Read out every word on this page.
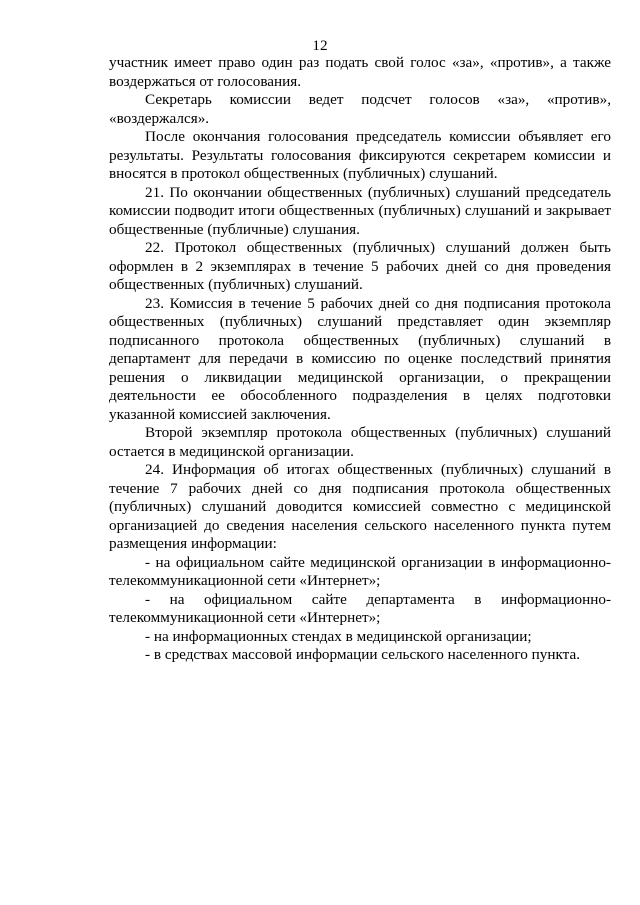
12

участник имеет право один раз подать свой голос «за», «против», а также воздержаться от голосования.

Секретарь комиссии ведет подсчет голосов «за», «против», «воздержался».

После окончания голосования председатель комиссии объявляет его результаты. Результаты голосования фиксируются секретарем комиссии и вносятся в протокол общественных (публичных) слушаний.

21. По окончании общественных (публичных) слушаний председатель комиссии подводит итоги общественных (публичных) слушаний и закрывает общественные (публичные) слушания.

22. Протокол общественных (публичных) слушаний должен быть оформлен в 2 экземплярах в течение 5 рабочих дней со дня проведения общественных (публичных) слушаний.

23. Комиссия в течение 5 рабочих дней со дня подписания протокола общественных (публичных) слушаний представляет один экземпляр подписанного протокола общественных (публичных) слушаний в департамент для передачи в комиссию по оценке последствий принятия решения о ликвидации медицинской организации, о прекращении деятельности ее обособленного подразделения в целях подготовки указанной комиссией заключения.

Второй экземпляр протокола общественных (публичных) слушаний остается в медицинской организации.

24. Информация об итогах общественных (публичных) слушаний в течение 7 рабочих дней со дня подписания протокола общественных (публичных) слушаний доводится комиссией совместно с медицинской организацией до сведения населения сельского населенного пункта путем размещения информации:

- на официальном сайте медицинской организации в информационно-телекоммуникационной сети «Интернет»;

- на официальном сайте департамента в информационно-телекоммуникационной сети «Интернет»;

- на информационных стендах в медицинской организации;

- в средствах массовой информации сельского населенного пункта.
